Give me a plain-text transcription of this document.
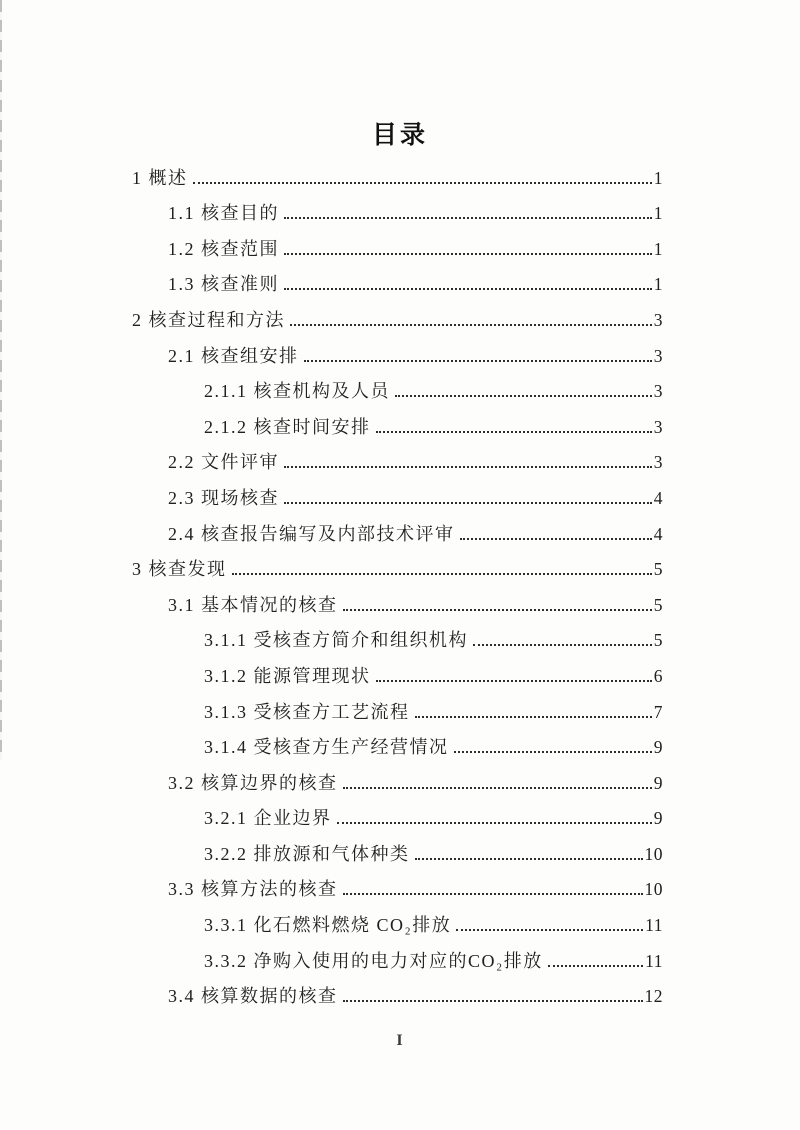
目录
1 概述	1
1.1 核查目的	1
1.2 核查范围	1
1.3 核查准则	1
2 核查过程和方法	3
2.1 核查组安排	3
2.1.1 核查机构及人员	3
2.1.2 核查时间安排	3
2.2 文件评审	3
2.3 现场核查	4
2.4 核查报告编写及内部技术评审	4
3 核查发现	5
3.1 基本情况的核查	5
3.1.1 受核查方简介和组织机构	5
3.1.2 能源管理现状	6
3.1.3 受核查方工艺流程	7
3.1.4 受核查方生产经营情况	9
3.2 核算边界的核查	9
3.2.1 企业边界	9
3.2.2 排放源和气体种类	10
3.3 核算方法的核查	10
3.3.1 化石燃料燃烧 CO₂排放	11
3.3.2 净购入使用的电力对应的CO₂排放	11
3.4 核算数据的核查	12
I
